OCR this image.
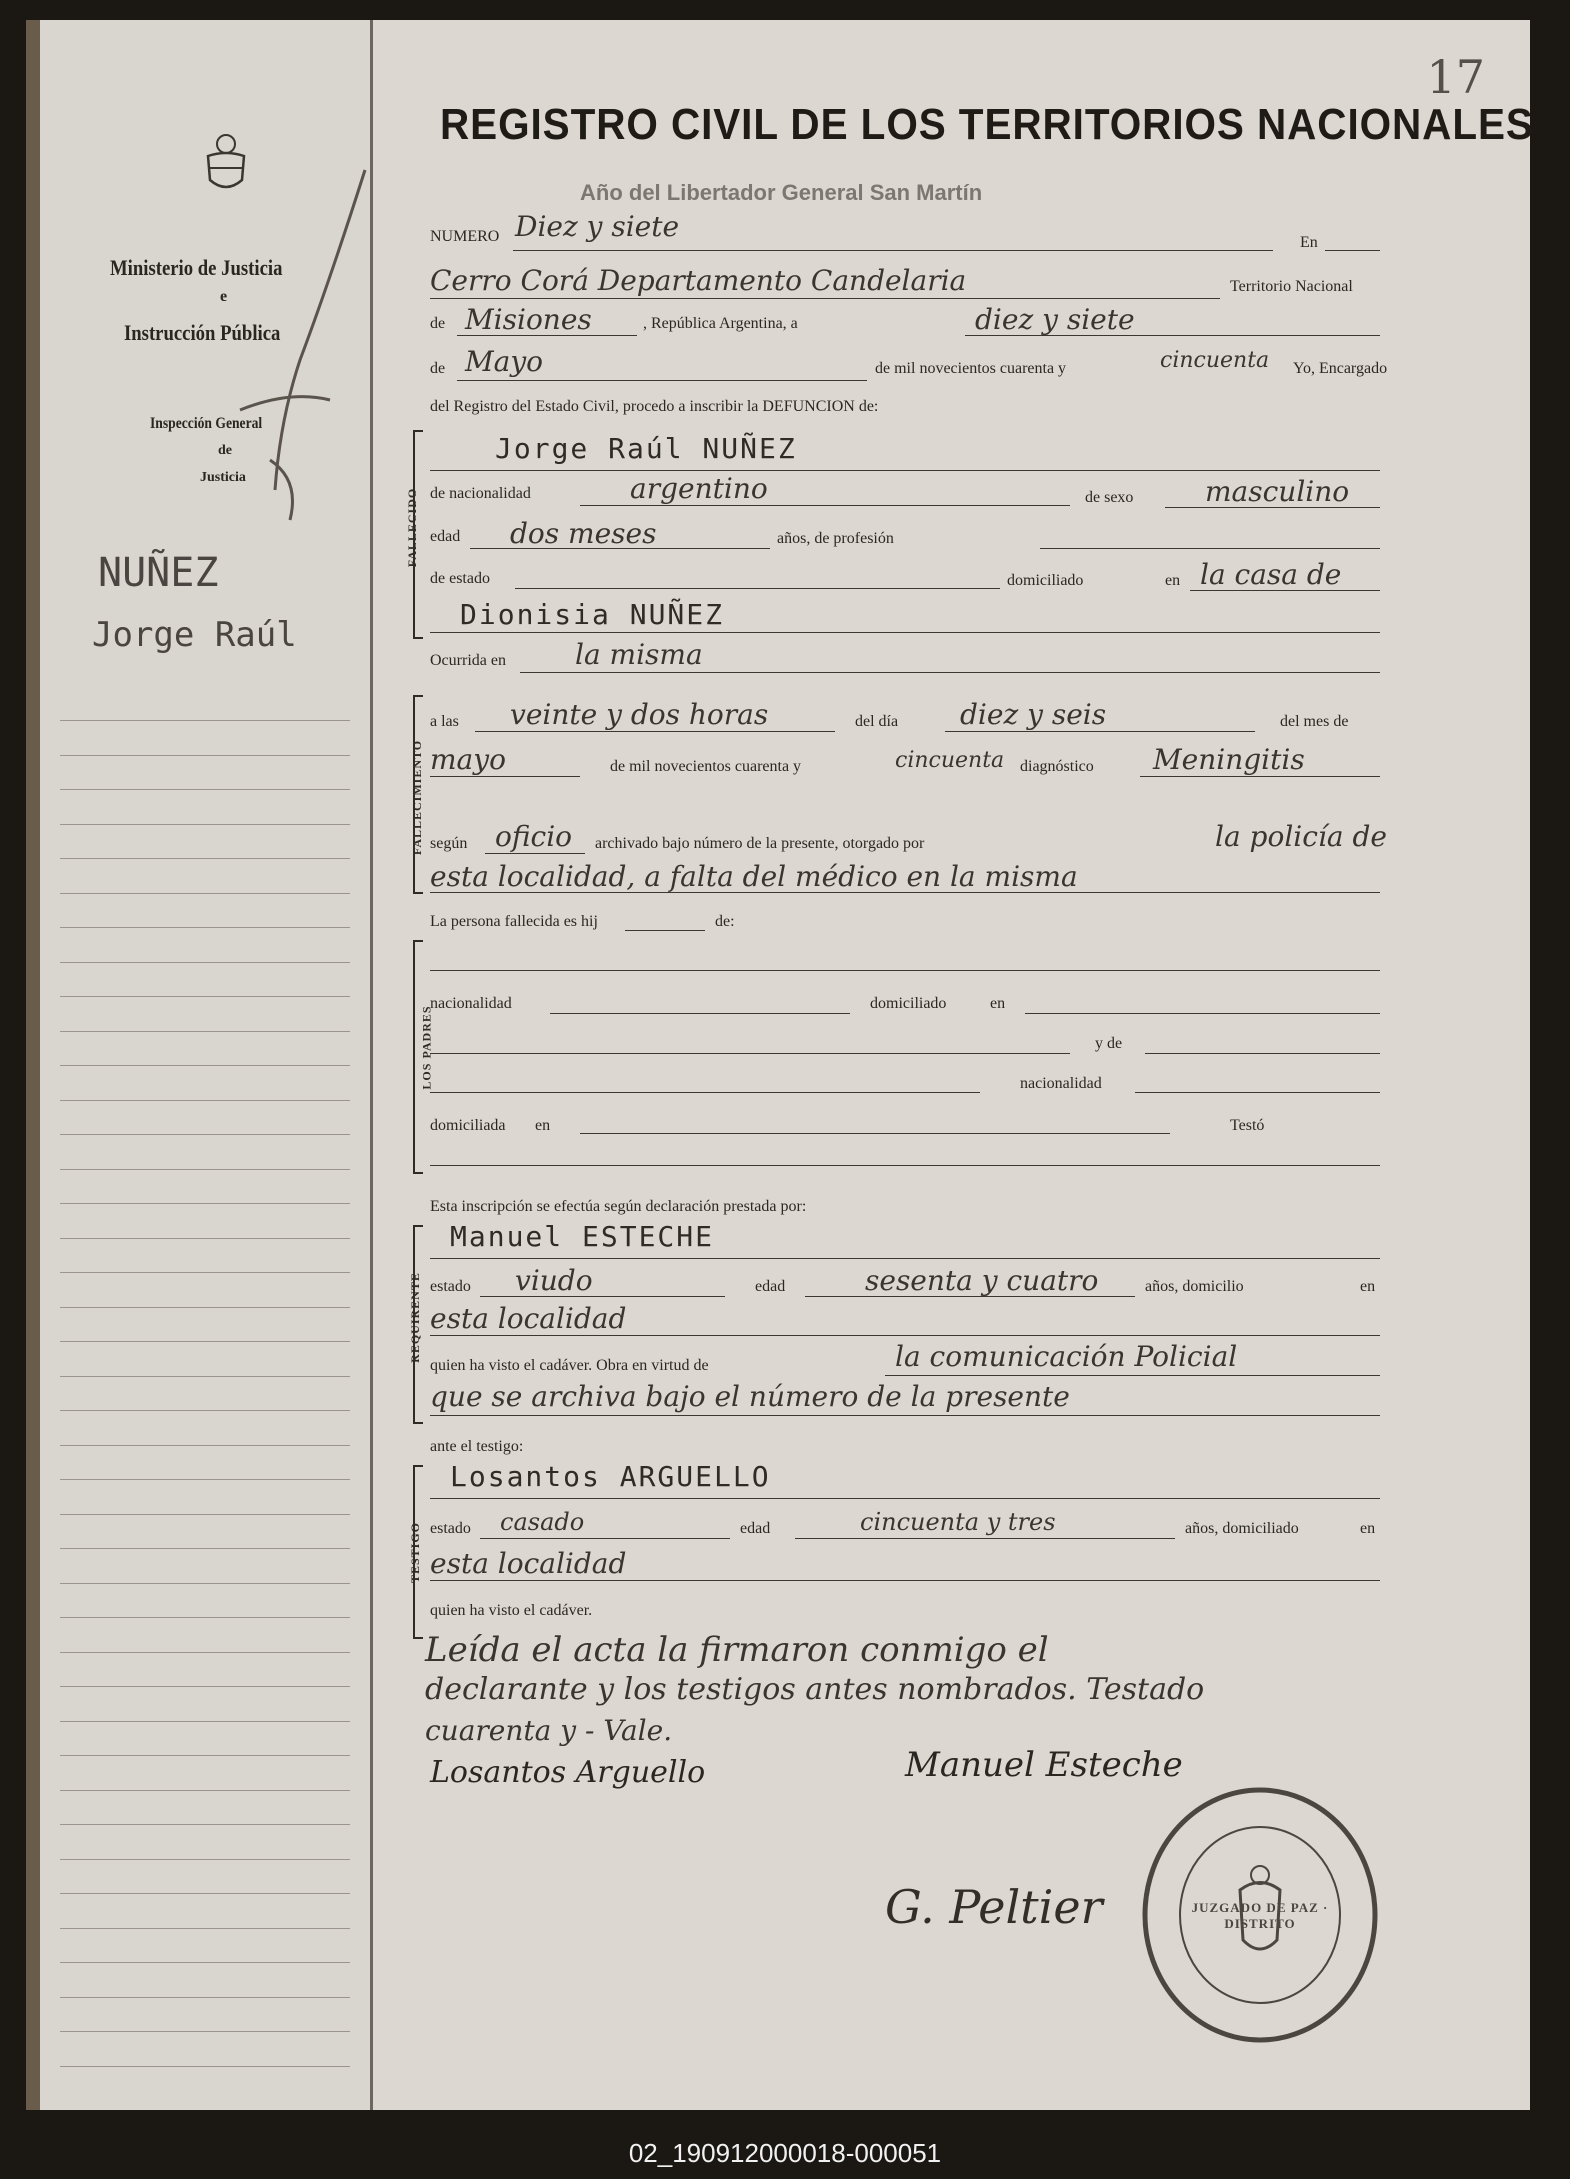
Ministerio de Justicia
e
Instrucción Pública
Inspección General
de
Justicia
NUÑEZ
Jorge Raúl
17
REGISTRO CIVIL DE LOS TERRITORIOS NACIONALES
Año del Libertador General San Martín
NUMERO Diez y siete	En
Cerro Corá Departamento Candelaria	Territorio Nacional
de Misiones	, República Argentina, a	diez y siete
de Mayo	de mil novecientos cuarenta y	cincuenta Yo, Encargado
del Registro del Estado Civil, procedo a inscribir la DEFUNCION de:
FALLECIDO
Jorge Raúl NUÑEZ
de nacionalidad	argentino	de sexo	masculino
edad dos meses	años, de profesión
de estado	domiciliado	en la casa de
Dionisia NUÑEZ
Ocurrida en la misma
FALLECIMIENTO
a las veinte y dos horas	del día diez y seis	del mes de
mayo	de mil novecientos cuarenta y	cincuenta diagnóstico Meningitis
según oficio archivado bajo número de la presente, otorgado por	la policía de
esta localidad, a falta del médico en la misma
La persona fallecida es hij	de:
LOS PADRES
nacionalidad	domiciliado	en
y de
nacionalidad
domiciliada en	Testó
Esta inscripción se efectúa según declaración prestada por:
REQUIRENTE
Manuel ESTECHE
estado viudo	edad	sesenta y cuatro	años, domicilio	en
esta localidad
quien ha visto el cadáver. Obra en virtud de	la comunicación Policial
que se archiva bajo el número de la presente
ante el testigo:
TESTIGO
Losantos ARGUELLO
estado casado	edad	cincuenta y tres	años, domiciliado	en
esta localidad
quien ha visto el cadáver.
Leída el acta la firmaron conmigo el
declarante y los testigos antes nombrados. Testado
cuarenta y - Vale.
Losantos Arguello	Manuel Esteche
G. Peltier	JUZGADO DE PAZ · DISTRITO
02_190912000018-000051
